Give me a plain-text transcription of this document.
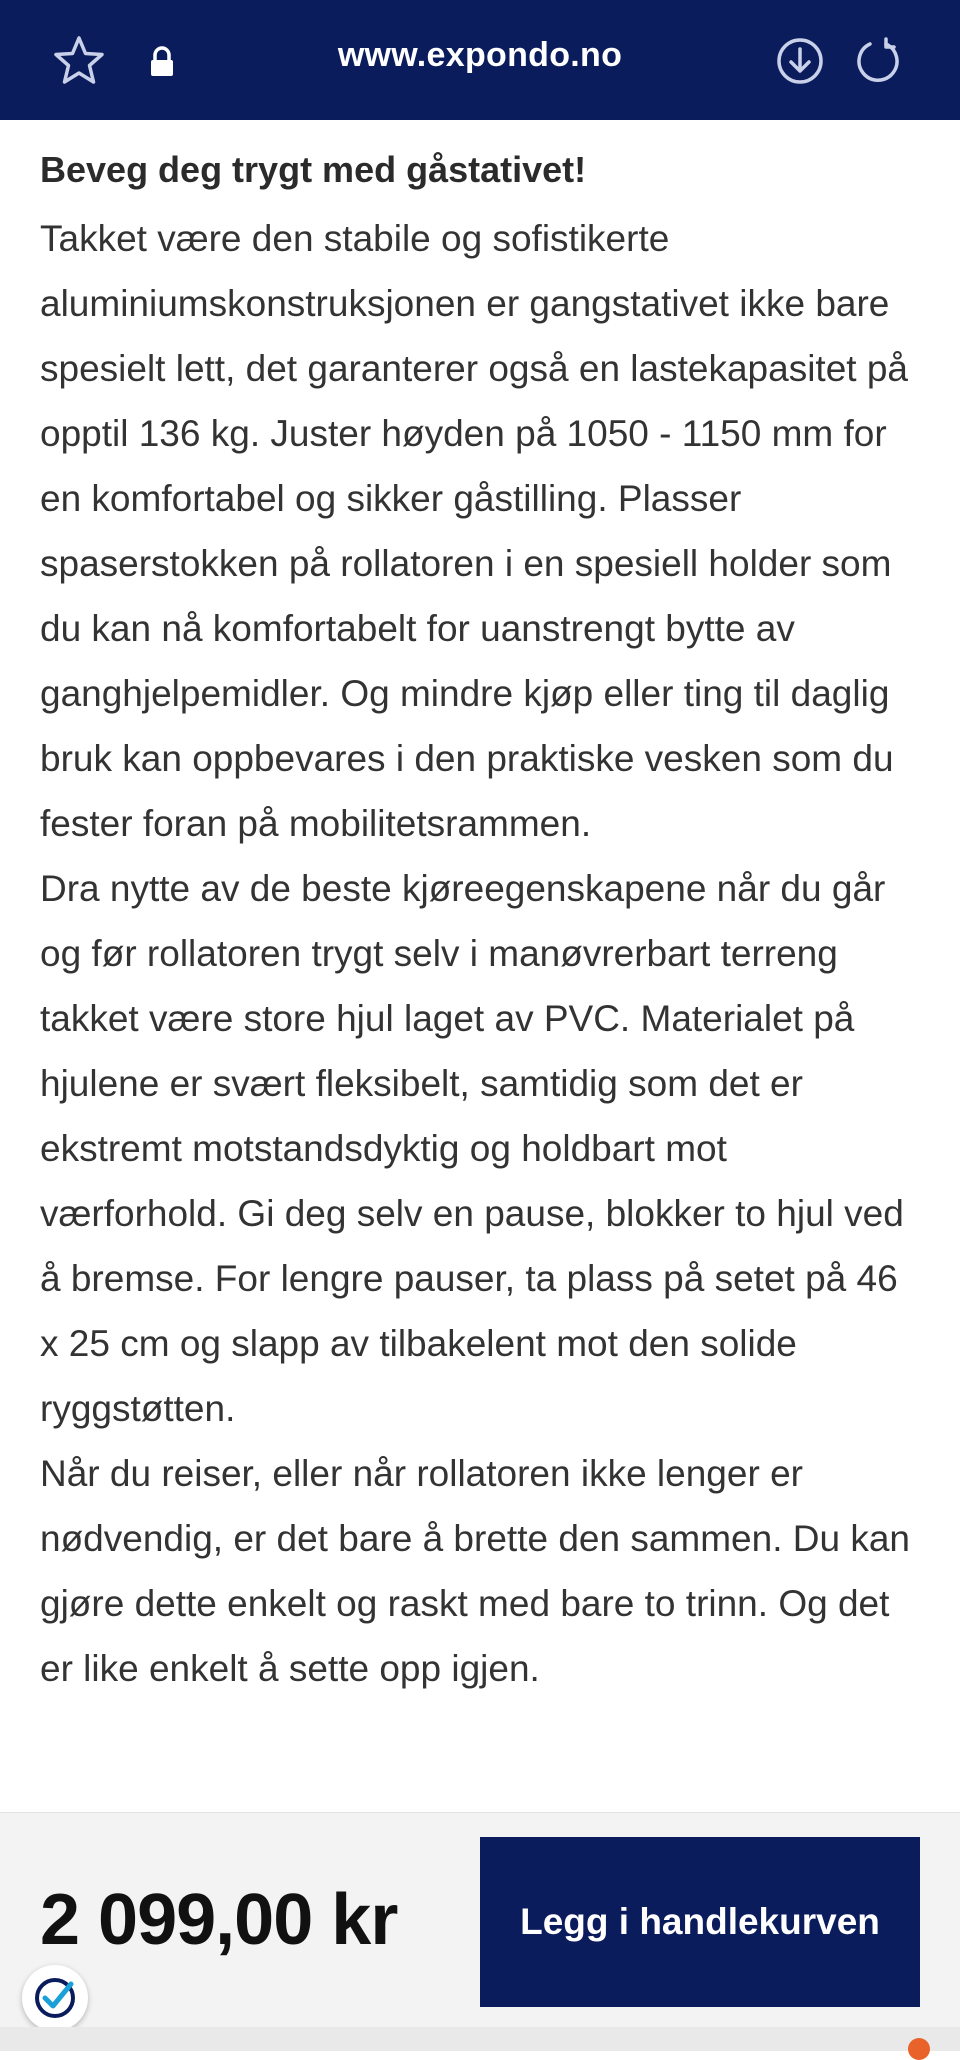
www.expondo.no
Beveg deg trygt med gåstativet!

Takket være den stabile og sofistikerte aluminiumskonstruksjonen er gangstativet ikke bare spesielt lett, det garanterer også en lastekapasitet på opptil 136 kg. Juster høyden på 1050 - 1150 mm for en komfortabel og sikker gåstilling. Plasser spaserstokken på rollatoren i en spesiell holder som du kan nå komfortabelt for uanstrengt bytte av ganghjelpemidler. Og mindre kjøp eller ting til daglig bruk kan oppbevares i den praktiske vesken som du fester foran på mobilitetsrammen.

Dra nytte av de beste kjøreegenskapene når du går og før rollatoren trygt selv i manøvrerbart terreng takket være store hjul laget av PVC. Materialet på hjulene er svært fleksibelt, samtidig som det er ekstremt motstandsdyktig og holdbart mot værforhold. Gi deg selv en pause, blokker to hjul ved å bremse. For lengre pauser, ta plass på setet på 46 x 25 cm og slapp av tilbakelent mot den solide ryggstøtten.

Når du reiser, eller når rollatoren ikke lenger er nødvendig, er det bare å brette den sammen. Du kan gjøre dette enkelt og raskt med bare to trinn. Og det er like enkelt å sette opp igjen.

2 099,00 kr	Legg i handlekurven
